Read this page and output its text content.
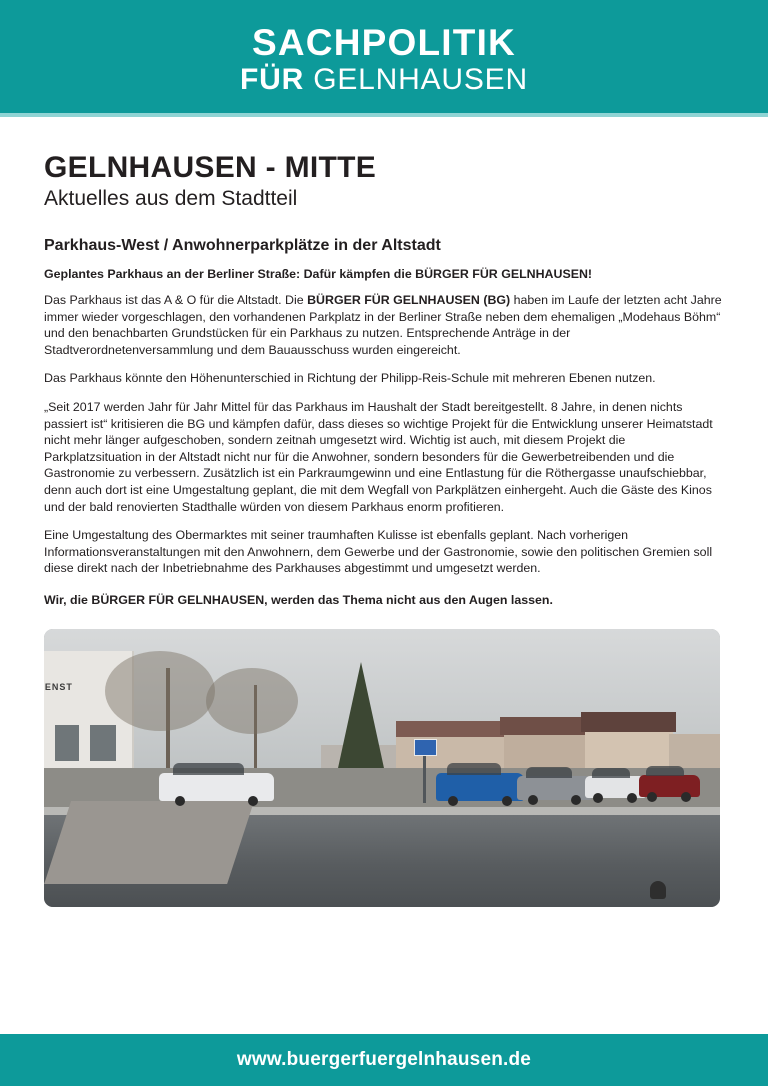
SACHPOLITIK
FÜR GELNHAUSEN
GELNHAUSEN - MITTE
Aktuelles aus dem Stadtteil
Parkhaus-West / Anwohnerparkplätze in der Altstadt
Geplantes Parkhaus an der Berliner Straße: Dafür kämpfen die BÜRGER FÜR GELNHAUSEN!

Das Parkhaus ist das A & O für die Altstadt. Die BÜRGER FÜR GELNHAUSEN (BG) haben im Laufe der letzten acht Jahre immer wieder vorgeschlagen, den vorhandenen Parkplatz in der Berliner Straße neben dem ehemaligen „Modehaus Böhm“ und den benachbarten Grundstücken für ein Parkhaus zu nutzen. Entsprechende Anträge in der Stadtverordnetenversammlung und dem Bauausschuss wurden eingereicht.

Das Parkhaus könnte den Höhenunterschied in Richtung der Philipp-Reis-Schule mit mehreren Ebenen nutzen.

„Seit 2017 werden Jahr für Jahr Mittel für das Parkhaus im Haushalt der Stadt bereitgestellt. 8 Jahre, in denen nichts passiert ist“ kritisieren die BG und kämpfen dafür, dass dieses so wichtige Projekt für die Entwicklung unserer Heimatstadt nicht mehr länger aufgeschoben, sondern zeitnah umgesetzt wird. Wichtig ist auch, mit diesem Projekt die Parkplatzsituation in der Altstadt nicht nur für die Anwohner, sondern besonders für die Gewerbetreibenden und die Gastronomie zu verbessern. Zusätzlich ist ein Parkraumgewinn und eine Entlastung für die Röthergasse unaufschiebbar, denn auch dort ist eine Umgestaltung geplant, die mit dem Wegfall von Parkplätzen einhergeht. Auch die Gäste des Kinos und der bald renovierten Stadthalle würden von diesem Parkhaus enorm profitieren.

Eine Umgestaltung des Obermarktes mit seiner traumhaften Kulisse ist ebenfalls geplant. Nach vorherigen Informationsveranstaltungen mit den Anwohnern, dem Gewerbe und der Gastronomie, sowie den politischen Gremien soll diese direkt nach der Inbetriebnahme des Parkhauses abgestimmt und umgesetzt werden.

Wir, die BÜRGER FÜR GELNHAUSEN, werden das Thema nicht aus den Augen lassen.
ENST
www.buergerfuergelnhausen.de
